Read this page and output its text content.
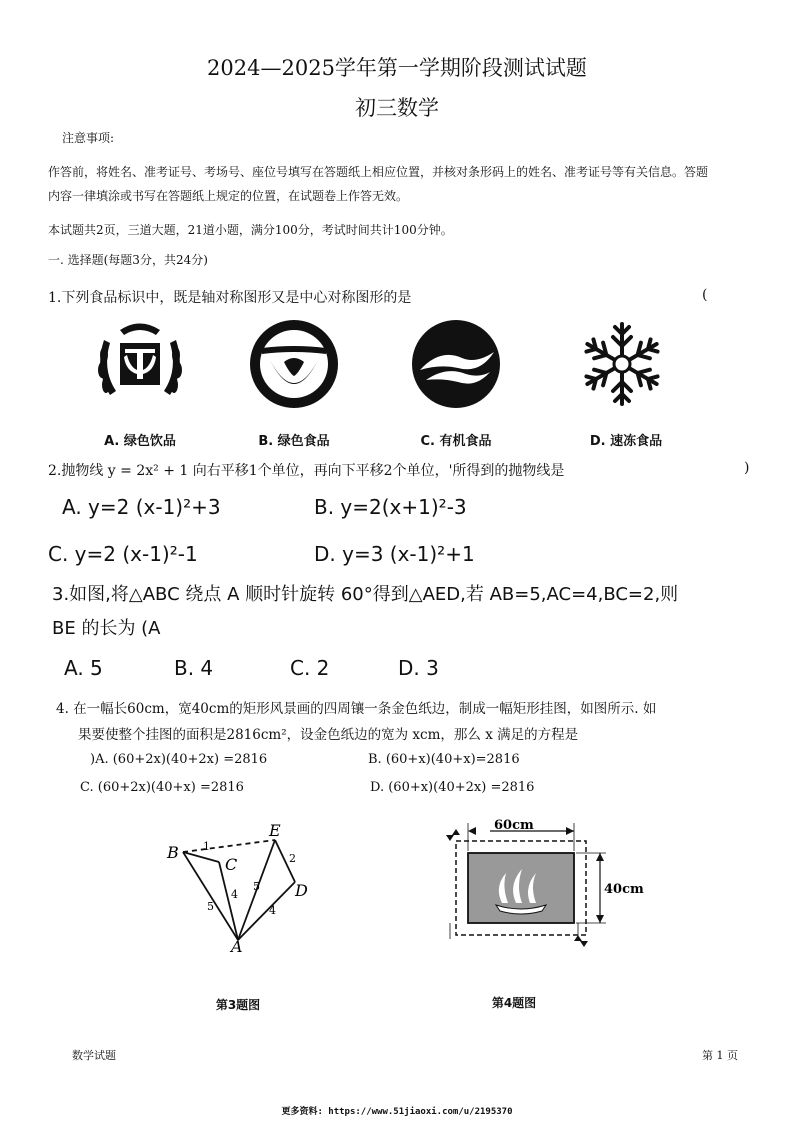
2024—2025学年第一学期阶段测试试题
初三数学
注意事项:
作答前，将姓名、准考证号、考场号、座位号填写在答题纸上相应位置，并核对条形码上的姓名、准考证号等有关信息。答题
内容一律填涂或书写在答题纸上规定的位置，在试题卷上作答无效。
本试题共2页，三道大题，21道小题，满分100分，考试时间共计100分钟。
一. 选择题(每题3分，共24分)
1.下列食品标识中，既是轴对称图形又是中心对称图形的是	(
A. 绿色饮品	B. 绿色食品	C. 有机食品	D. 速冻食品
2.抛物线 y = 2x² + 1 向右平移1个单位，再向下平移2个单位，'所得到的抛物线是	)
A. y=2 (x-1)²+3	B. y=2(x+1)²-3
C. y=2 (x-1)²-1	D. y=3 (x-1)²+1
3.如图,将△ABC 绕点 A 顺时针旋转 60°得到△AED,若 AB=5,AC=4,BC=2,则
BE 的长为 (A
A. 5	B. 4	C. 2	D. 3
4. 在一幅长60cm，宽40cm的矩形风景画的四周镶一条金色纸边，制成一幅矩形挂图，如图所示. 如
果要使整个挂图的面积是2816cm²，设金色纸边的宽为 xcm，那么 x 满足的方程是
)A. (60+2x)(40+2x) =2816	B. (60+x)(40+x)=2816
C. (60+2x)(40+x) =2816	D. (60+x)(40+2x) =2816
B
C
E
D
A
1
2
4
4
5
5
第3题图
60cm
40cm
第4题图
数学试题	第 1 页
更多资料: https://www.51jiaoxi.com/u/2195370
